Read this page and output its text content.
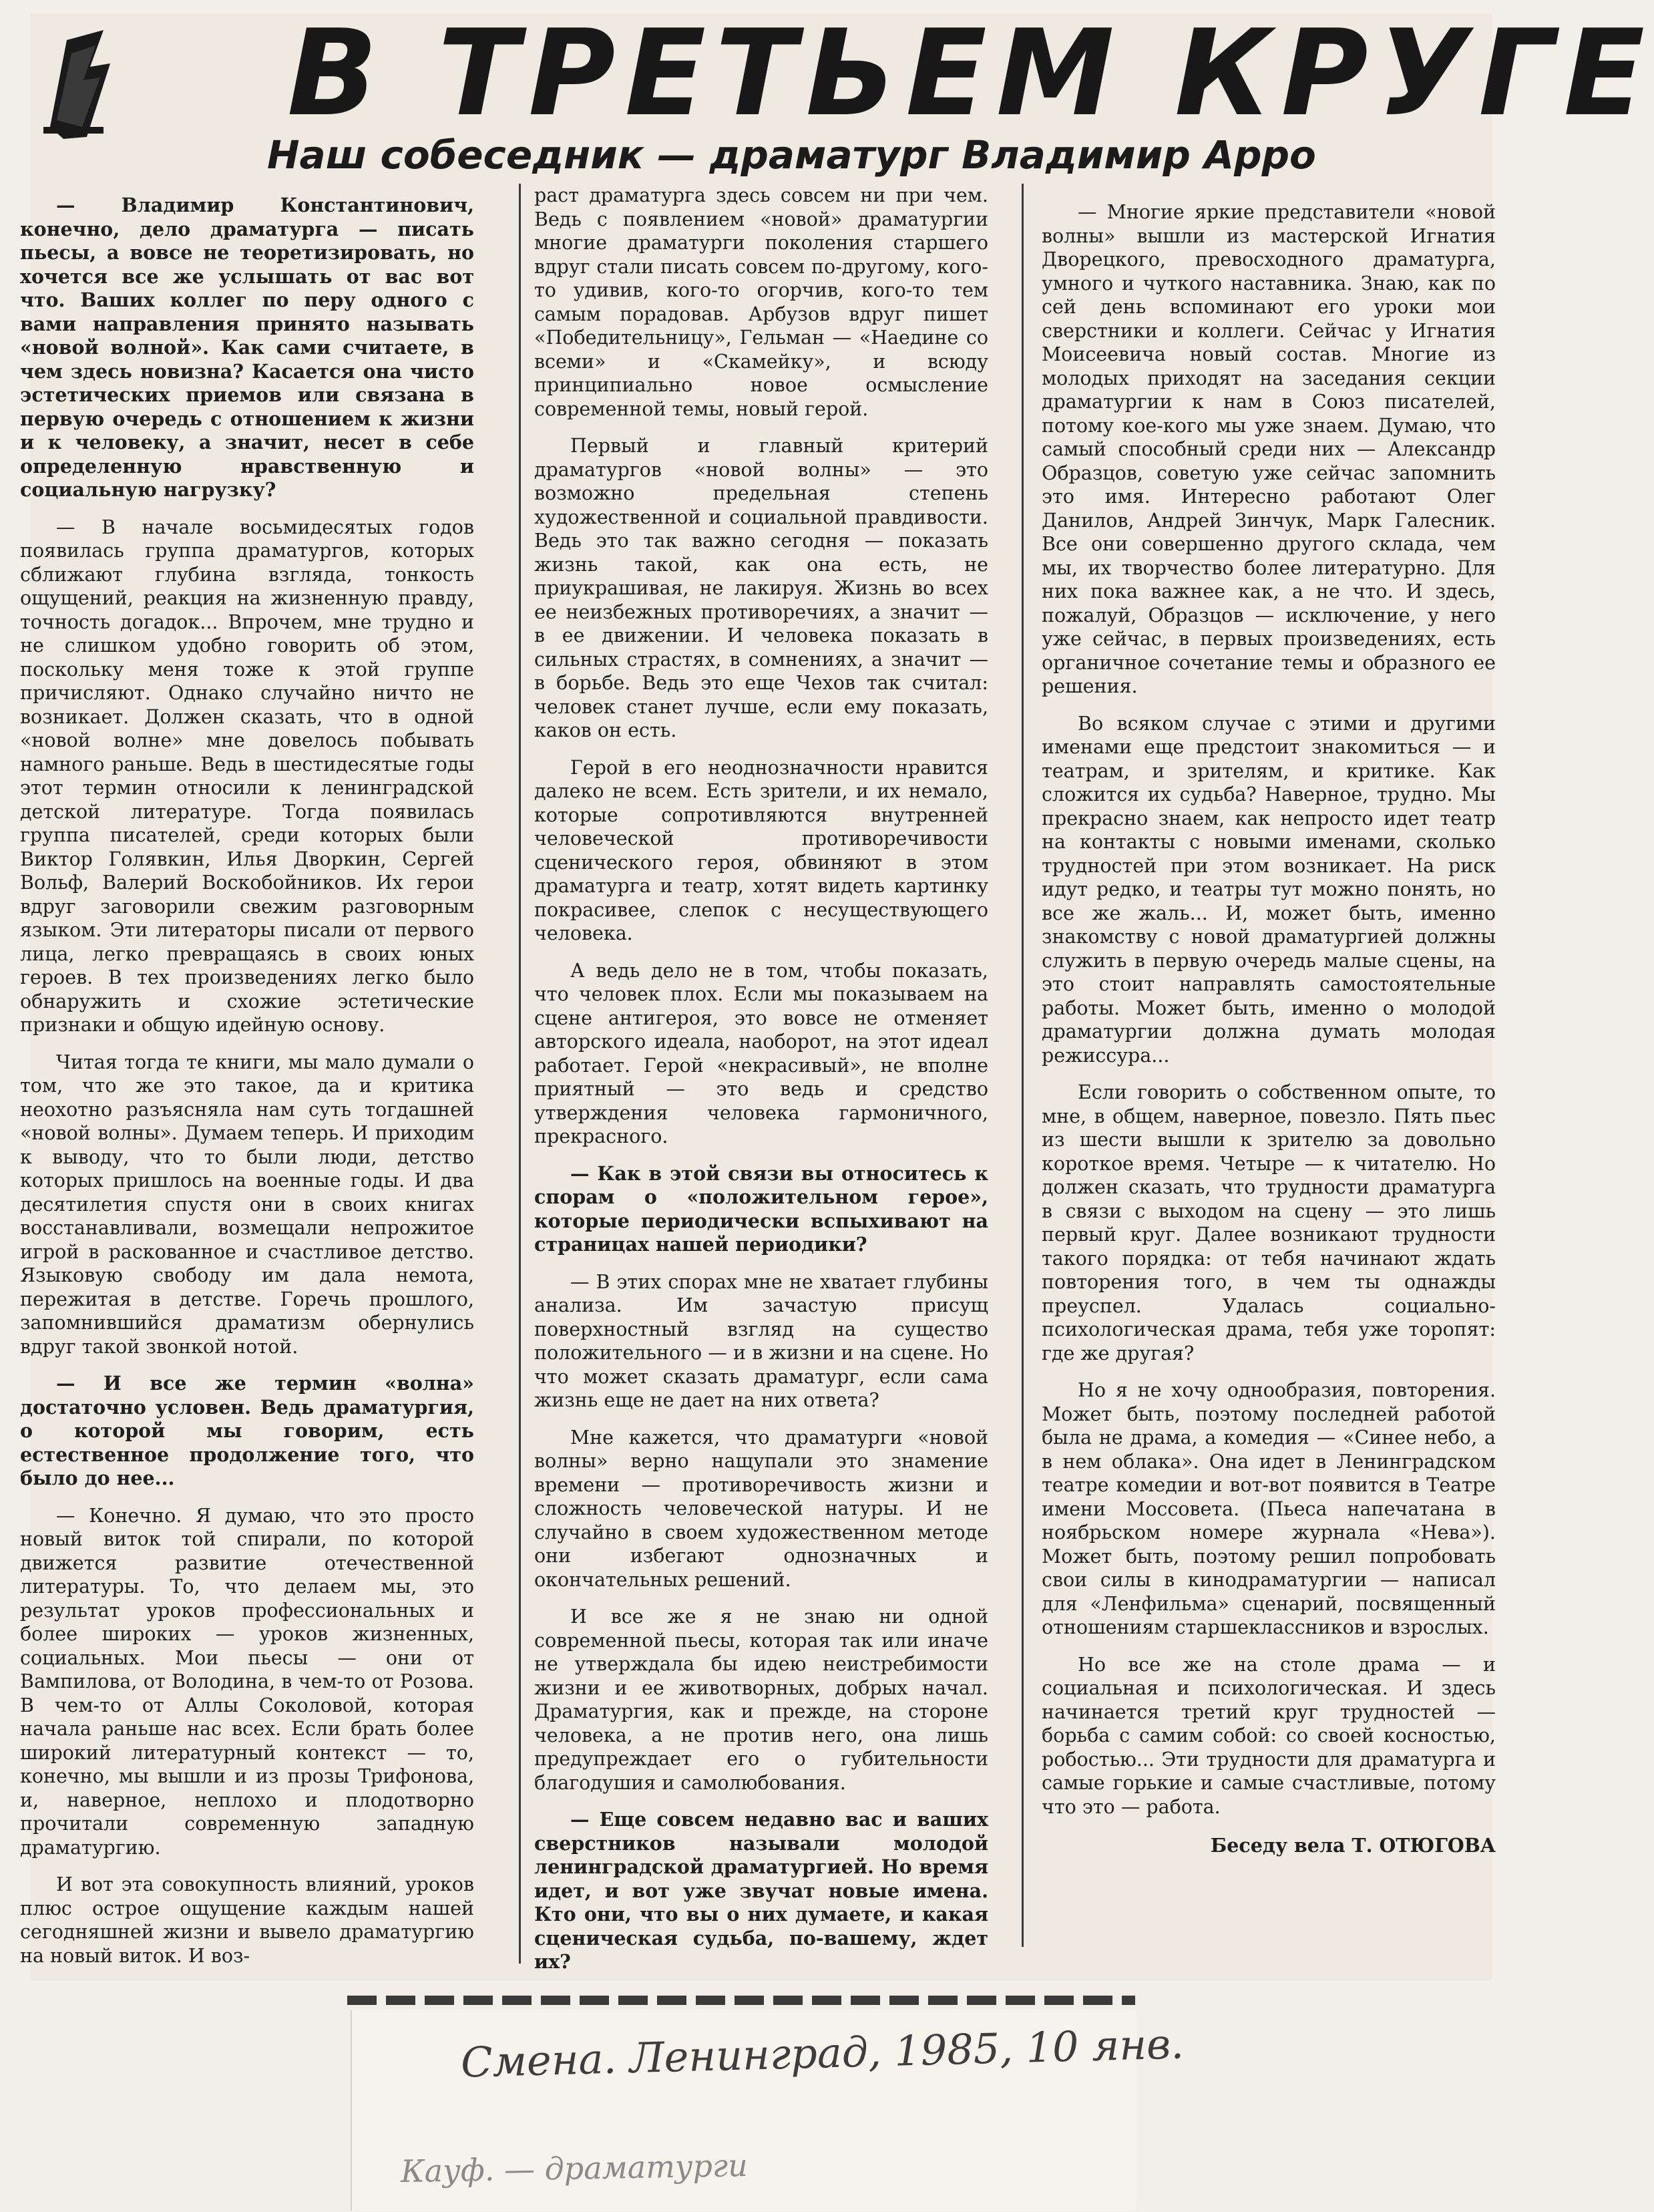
В ТРЕТЬЕМ КРУГЕ
Наш собеседник — драматург Владимир Арро

— Владимир Константинович, конечно, дело драматурга — писать пьесы, а вовсе не теоретизировать, но хочется все же услышать от вас вот что. Ваших коллег по перу одного с вами направления принято называть «новой волной». Как сами считаете, в чем здесь новизна? Касается она чисто эстетических приемов или связана в первую очередь с отношением к жизни и к человеку, а значит, несет в себе определенную нравственную и социальную нагрузку?

— В начале восьмидесятых годов появилась группа драматургов, которых сближают глубина взгляда, тонкость ощущений, реакция на жизненную правду, точность догадок... Впрочем, мне трудно и не слишком удобно говорить об этом, поскольку меня тоже к этой группе причисляют. Однако случайно ничто не возникает. Должен сказать, что в одной «новой волне» мне довелось побывать намного раньше. Ведь в шестидесятые годы этот термин относили к ленинградской детской литературе. Тогда появилась группа писателей, среди которых были Виктор Голявкин, Илья Дворкин, Сергей Вольф, Валерий Воскобойников. Их герои вдруг заговорили свежим разговорным языком. Эти литераторы писали от первого лица, легко превращаясь в своих юных героев. В тех произведениях легко было обнаружить и схожие эстетические признаки и общую идейную основу.

Читая тогда те книги, мы мало думали о том, что же это такое, да и критика неохотно разъясняла нам суть тогдашней «новой волны». Думаем теперь. И приходим к выводу, что то были люди, детство которых пришлось на военные годы. И два десятилетия спустя они в своих книгах восстанавливали, возмещали непрожитое игрой в раскованное и счастливое детство. Языковую свободу им дала немота, пережитая в детстве. Горечь прошлого, запомнившийся драматизм обернулись вдруг такой звонкой нотой.

— И все же термин «волна» достаточно условен. Ведь драматургия, о которой мы говорим, есть естественное продолжение того, что было до нее...

— Конечно. Я думаю, что это просто новый виток той спирали, по которой движется развитие отечественной литературы. То, что делаем мы, это результат уроков профессиональных и более широких — уроков жизненных, социальных. Мои пьесы — они от Вампилова, от Володина, в чем-то от Розова. В чем-то от Аллы Соколовой, которая начала раньше нас всех. Если брать более широкий литературный контекст — то, конечно, мы вышли и из прозы Трифонова, и, наверное, неплохо и плодотворно прочитали современную западную драматургию.

И вот эта совокупность влияний, уроков плюс острое ощущение каждым нашей сегодняшней жизни и вывело драматургию на новый виток. И воз-

раст драматурга здесь совсем ни при чем. Ведь с появлением «новой» драматургии многие драматурги поколения старшего вдруг стали писать совсем по-другому, кого-то удивив, кого-то огорчив, кого-то тем самым порадовав. Арбузов вдруг пишет «Победительницу», Гельман — «Наедине со всеми» и «Скамейку», и всюду принципиально новое осмысление современной темы, новый герой.

Первый и главный критерий драматургов «новой волны» — это возможно предельная степень художественной и социальной правдивости. Ведь это так важно сегодня — показать жизнь такой, как она есть, не приукрашивая, не лакируя. Жизнь во всех ее неизбежных противоречиях, а значит — в ее движении. И человека показать в сильных страстях, в сомнениях, а значит — в борьбе. Ведь это еще Чехов так считал: человек станет лучше, если ему показать, каков он есть.

Герой в его неоднозначности нравится далеко не всем. Есть зрители, и их немало, которые сопротивляются внутренней человеческой противоречивости сценического героя, обвиняют в этом драматурга и театр, хотят видеть картинку покрасивее, слепок с несуществующего человека.

А ведь дело не в том, чтобы показать, что человек плох. Если мы показываем на сцене антигероя, это вовсе не отменяет авторского идеала, наоборот, на этот идеал работает. Герой «некрасивый», не вполне приятный — это ведь и средство утверждения человека гармоничного, прекрасного.

— Как в этой связи вы относитесь к спорам о «положительном герое», которые периодически вспыхивают на страницах нашей периодики?

— В этих спорах мне не хватает глубины анализа. Им зачастую присущ поверхностный взгляд на существо положительного — и в жизни и на сцене. Но что может сказать драматург, если сама жизнь еще не дает на них ответа?

Мне кажется, что драматурги «новой волны» верно нащупали это знамение времени — противоречивость жизни и сложность человеческой натуры. И не случайно в своем художественном методе они избегают однозначных и окончательных решений.

И все же я не знаю ни одной современной пьесы, которая так или иначе не утверждала бы идею неистребимости жизни и ее животворных, добрых начал. Драматургия, как и прежде, на стороне человека, а не против него, она лишь предупреждает его о губительности благодушия и самолюбования.

— Еще совсем недавно вас и ваших сверстников называли молодой ленинградской драматургией. Но время идет, и вот уже звучат новые имена. Кто они, что вы о них думаете, и какая сценическая судьба, по-вашему, ждет их?

— Многие яркие представители «новой волны» вышли из мастерской Игнатия Дворецкого, превосходного драматурга, умного и чуткого наставника. Знаю, как по сей день вспоминают его уроки мои сверстники и коллеги. Сейчас у Игнатия Моисеевича новый состав. Многие из молодых приходят на заседания секции драматургии к нам в Союз писателей, потому кое-кого мы уже знаем. Думаю, что самый способный среди них — Александр Образцов, советую уже сейчас запомнить это имя. Интересно работают Олег Данилов, Андрей Зинчук, Марк Галесник. Все они совершенно другого склада, чем мы, их творчество более литературно. Для них пока важнее как, а не что. И здесь, пожалуй, Образцов — исключение, у него уже сейчас, в первых произведениях, есть органичное сочетание темы и образного ее решения.

Во всяком случае с этими и другими именами еще предстоит знакомиться — и театрам, и зрителям, и критике. Как сложится их судьба? Наверное, трудно. Мы прекрасно знаем, как непросто идет театр на контакты с новыми именами, сколько трудностей при этом возникает. На риск идут редко, и театры тут можно понять, но все же жаль... И, может быть, именно знакомству с новой драматургией должны служить в первую очередь малые сцены, на это стоит направлять самостоятельные работы. Может быть, именно о молодой драматургии должна думать молодая режиссура...

Если говорить о собственном опыте, то мне, в общем, наверное, повезло. Пять пьес из шести вышли к зрителю за довольно короткое время. Четыре — к читателю. Но должен сказать, что трудности драматурга в связи с выходом на сцену — это лишь первый круг. Далее возникают трудности такого порядка: от тебя начинают ждать повторения того, в чем ты однажды преуспел. Удалась социально-психологическая драма, тебя уже торопят: где же другая?

Но я не хочу однообразия, повторения. Может быть, поэтому последней работой была не драма, а комедия — «Синее небо, а в нем облака». Она идет в Ленинградском театре комедии и вот-вот появится в Театре имени Моссовета. (Пьеса напечатана в ноябрьском номере журнала «Нева»). Может быть, поэтому решил попробовать свои силы в кинодраматургии — написал для «Ленфильма» сценарий, посвященный отношениям старшеклассников и взрослых.

Но все же на столе драма — и социальная и психологическая. И здесь начинается третий круг трудностей — борьба с самим собой: со своей косностью, робостью... Эти трудности для драматурга и самые горькие и самые счастливые, потому что это — работа.

Беседу вела Т. ОТЮГОВА
Смена. Ленинград, 1985, 10 янв.
Кауф. — драматурги
